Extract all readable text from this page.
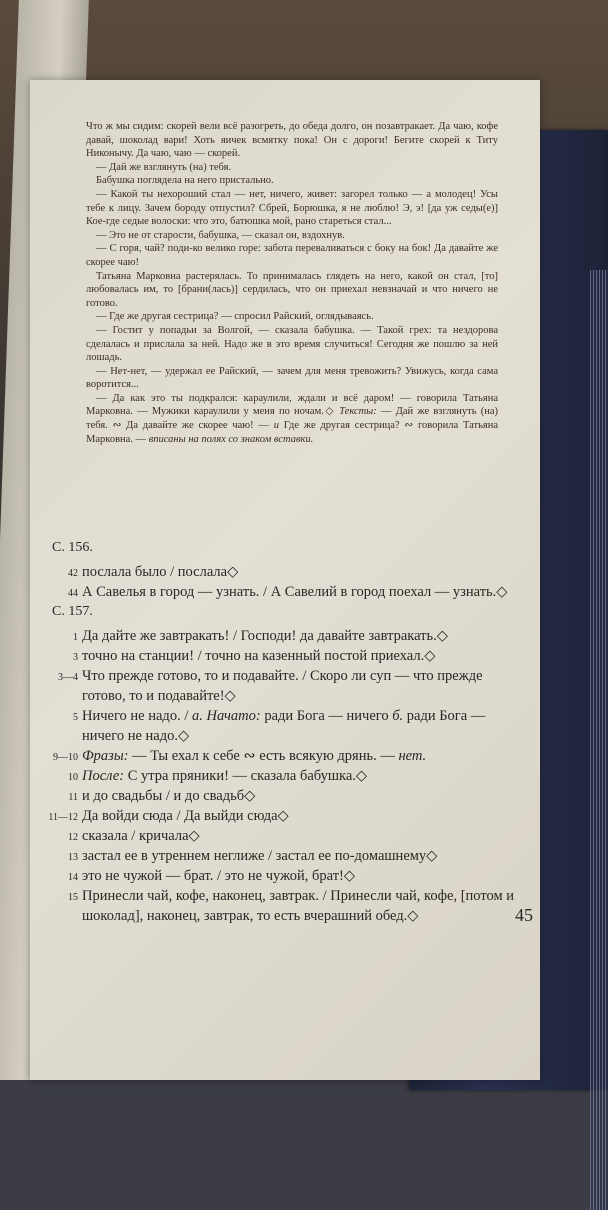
Что ж мы сидим: скорей вели всё разогреть, до обеда долго, он позавтракает. Да чаю, кофе давай, шоколад вари! Хоть яичек всмятку пока! Он с дороги! Бегите скорей к Титу Никонычу. Да чаю, чаю — скорей.

— Дай же взглянуть (на) тебя.

Бабушка поглядела на него пристально.

— Какой ты нехороший стал — нет, ничего, живет: загорел только — а молодец! Усы тебе к лицу. Зачем бороду отпустил? Сбрей, Борюшка, я не люблю! Э, э! [да уж седы(е)] Кое-где седые волоски: что это, батюшка мой, рано стареться стал...

— Это не от старости, бабушка, — сказал он, вздохнув.

— С горя, чай? поди-ко велико горе: забота переваливаться с боку на бок! Да давайте же скорее чаю!

Татьяна Марковна растерялась. То принималась глядеть на него, какой он стал, [то] любовалась им, то [брани(лась)] сердилась, что он приехал невзначай и что ничего не готово.

— Где же другая сестрица? — спросил Райский, оглядываясь.

— Гостит у попадьи за Волгой, — сказала бабушка. — Такой грех: та нездорова сделалась и прислала за ней. Надо же в это время случиться! Сегодня же пошлю за ней лошадь.

— Нет-нет, — удержал ее Райский, — зачем для меня тревожить? Увижусь, когда сама воротится...

— Да как это ты подкрался: караулили, ждали и всё даром! — говорила Татьяна Марковна. — Мужики караулили у меня по ночам.◇ Тексты: — Дай же взглянуть (на) тебя. ∾ Да давайте же скорее чаю! — и Где же другая сестрица? ∾ говорила Татьяна Марковна. — вписаны на полях со знаком вставки.

С. 156.

42 послала было / послала◇

44 А Савелья в город — узнать. / А Савелий в город поехал — узнать.◇

С. 157.

1 Да дайте же завтракать! / Господи! да давайте завтракать.◇

3 точно на станции! / точно на казенный постой приехал.◇

3—4 Что прежде готово, то и подавайте. / Скоро ли суп — что прежде готово, то и подавайте!◇

5 Ничего не надо. / а. Начато: ради Бога — ничего б. ради Бога — ничего не надо.◇

9—10 Фразы: — Ты ехал к себе ∾ есть всякую дрянь. — нет.

10 После: С утра пряники! — сказала бабушка.◇

11 и до свадьбы / и до свадьб◇

11—12 Да войди сюда / Да выйди сюда◇

12 сказала / кричала◇

13 застал ее в утреннем неглиже / застал ее по-домашнему◇

14 это не чужой — брат. / это не чужой, брат!◇

15 Принесли чай, кофе, наконец, завтрак. / Принесли чай, кофе, [потом и шоколад], наконец, завтрак, то есть вчерашний обед.◇	45
